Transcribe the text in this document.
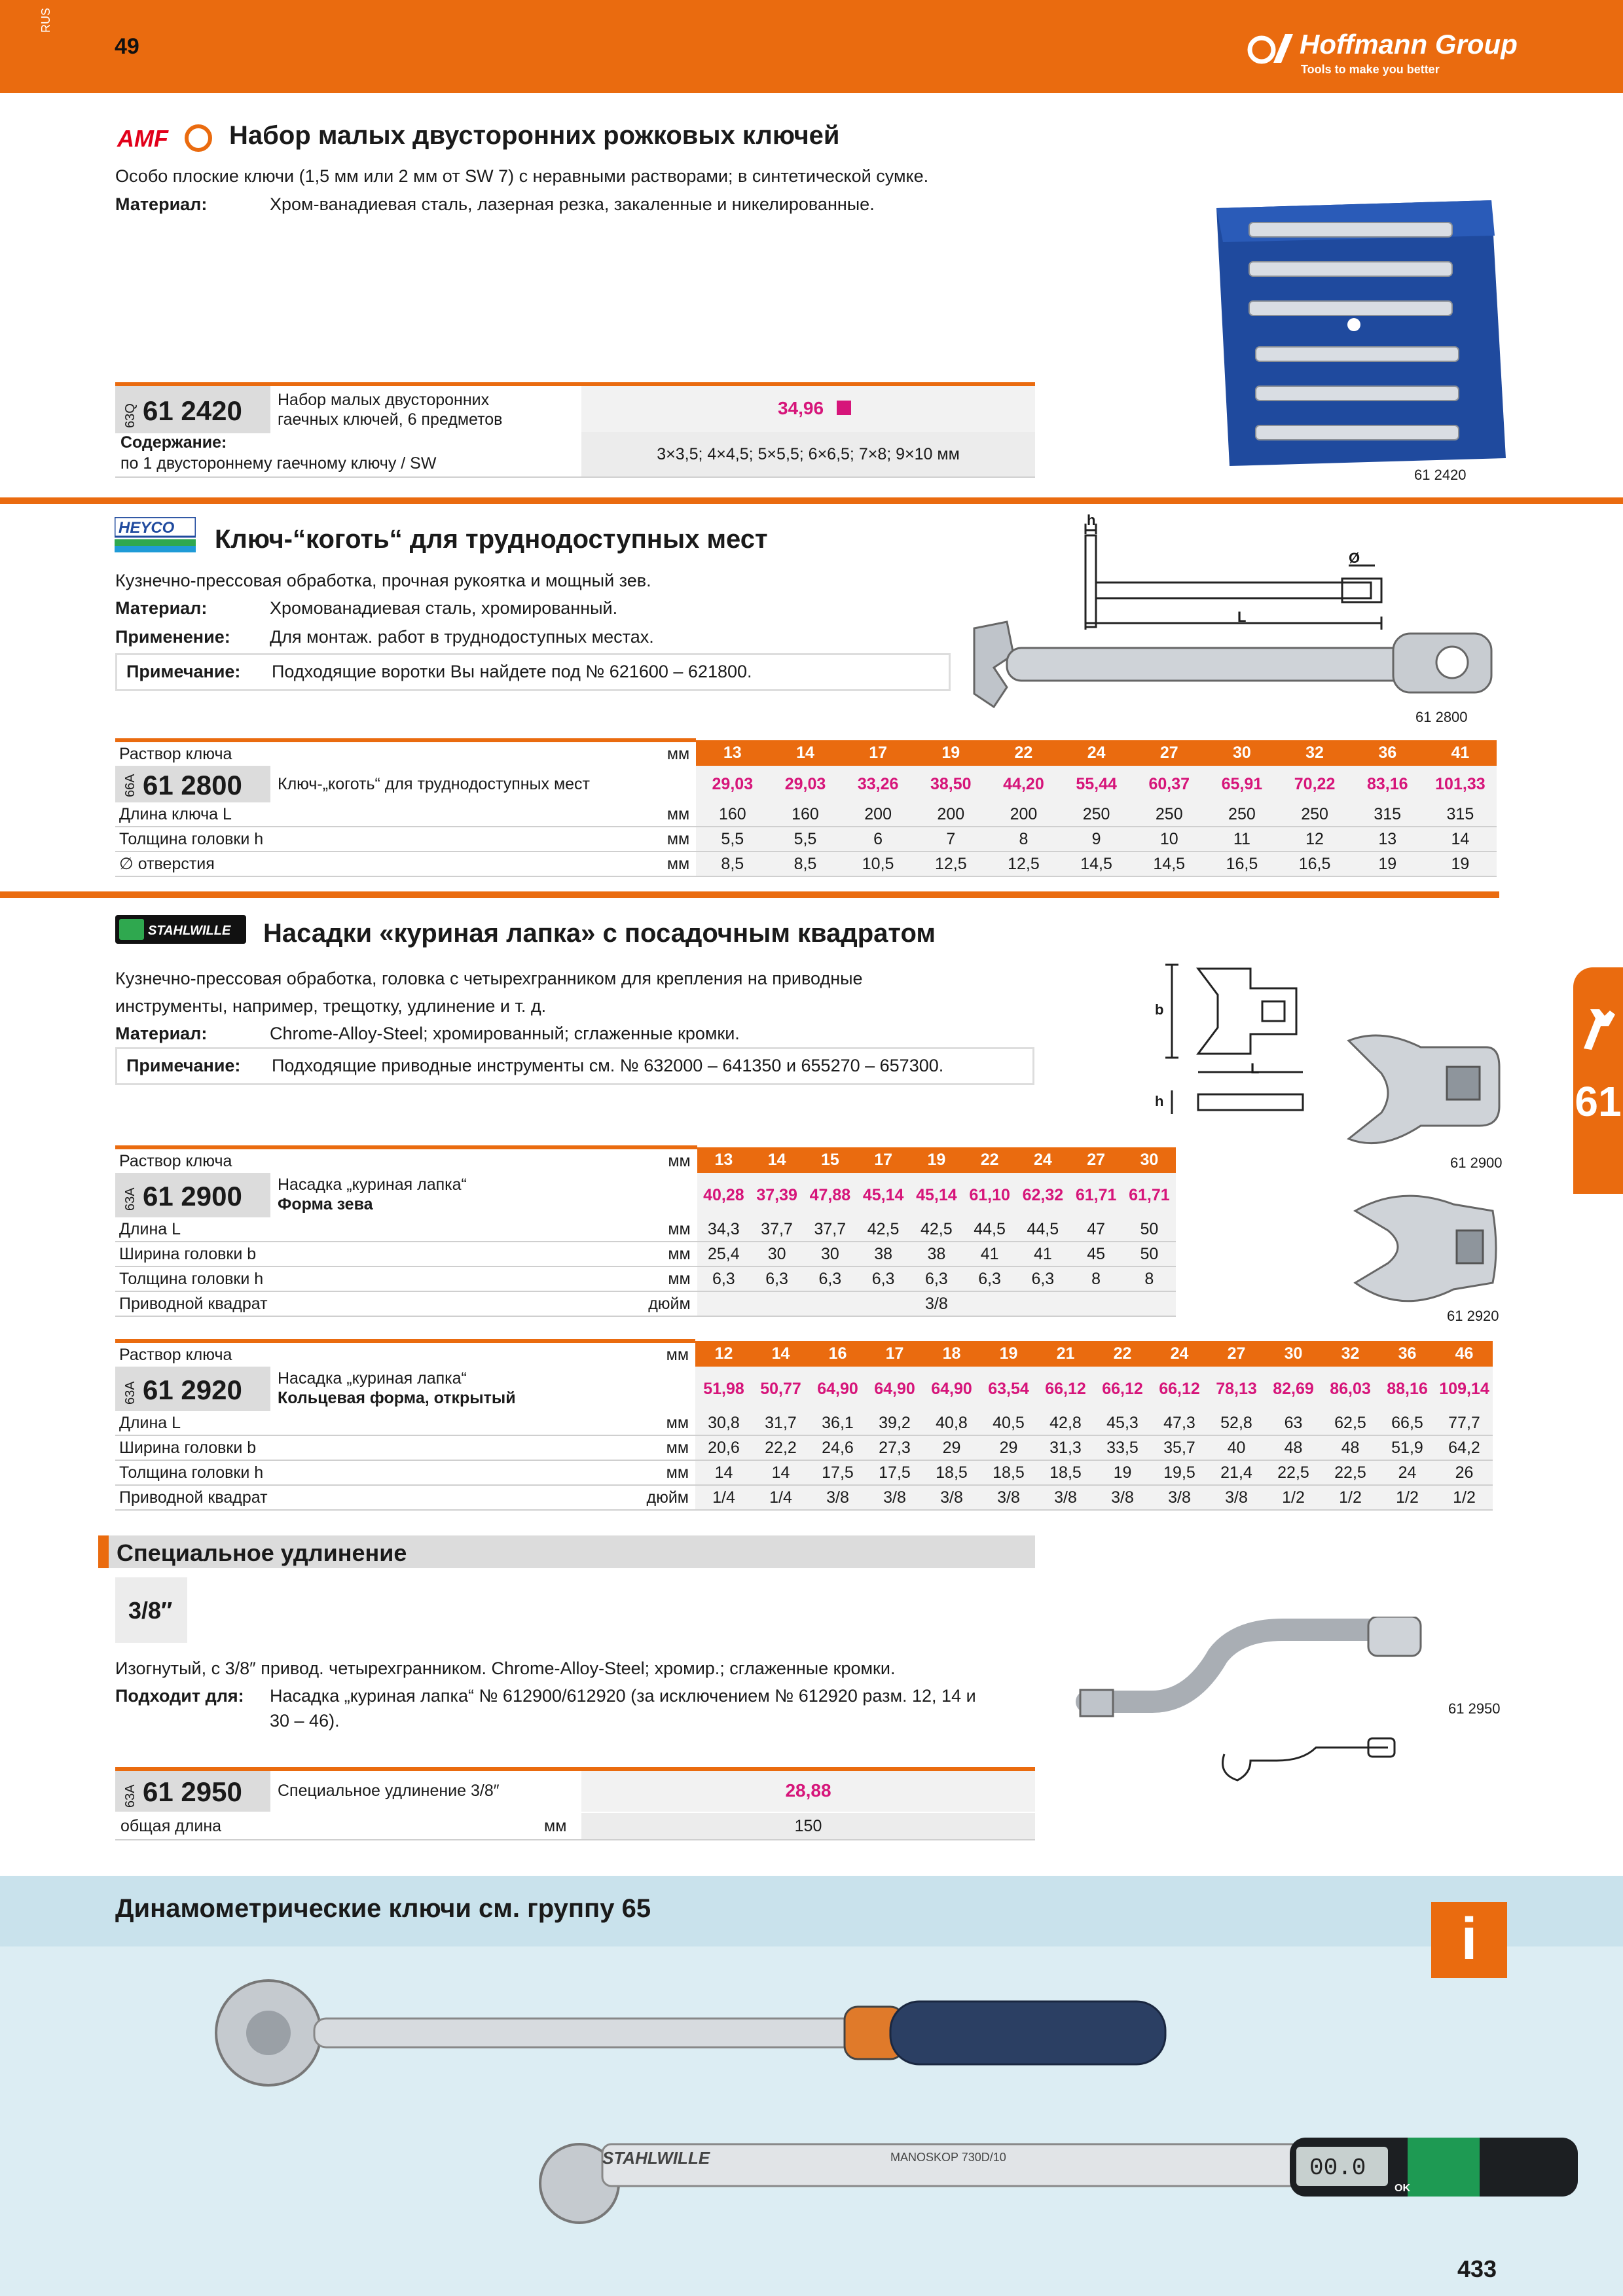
RUS
49	Hoffmann Group
Tools to make you better
61
AMF Набор малых двусторонних рожковых ключей
Особо плоские ключи (1,5 мм или 2 мм от SW 7) с неравными растворами; в синтетической сумке.
Материал:	Хром-ванадиевая сталь, лазерная резка, закаленные и никелированные.
61 2420
63Q 61 2420 Набор малых двусторонних гаечных ключей, 6 предметов
34,96
Содержание:
по 1 двустороннему гаечному ключу / SW	3×3,5; 4×4,5; 5×5,5; 6×6,5; 7×8; 9×10 мм
HEYCO Ключ-“коготь“ для труднодоступных мест
Кузнечно-прессовая обработка, прочная рукоятка и мощный зев.
Материал:	Хромованадиевая сталь, хромированный.
Применение: Для монтаж. работ в труднодоступных местах.
Примечание: Подходящие воротки Вы найдете под № 621600 – 621800.
h
Ø
L
61 2800
Раствор ключа	мм	13	14	17	19	22	24	27	30	32	36	41

66A 61 2800 Ключ-„коготь“ для труднодоступных мест		29,03	29,03	33,26	38,50	44,20	55,44	60,37	65,91	70,22	83,16	101,33
Длина ключа L	мм	160	160	200	200	200	250	250	250	250	315	315
Толщина головки h	мм	5,5	5,5	6	7	8	9	10	11	12	13	14
∅ отверстия	мм	8,5	8,5	10,5	12,5	12,5	14,5	14,5	16,5	16,5	19	19
STAHLWILLE Насадки «куриная лапка» с посадочным квадратом
Кузнечно-прессовая обработка, головка с четырехгранником для крепления на приводные
инструменты, например, трещотку, удлинение и т. д.
Материал:	Chrome-Alloy-Steel; хромированный; сглаженные кромки.
Примечание: Подходящие приводные инструменты см. № 632000 – 641350 и 655270 – 657300.
b
L
h
61 2900
61 2920
Раствор ключа	мм	13	14	15	17	19	22	24	27	30

63A 61 2900 Насадка „куриная лапка“
Форма зева		40,28	37,39	47,88	45,14	45,14	61,10	62,32	61,71	61,71
Длина L	мм	34,3	37,7	37,7	42,5	42,5	44,5	44,5	47	50
Ширина головки b	мм	25,4	30	30	38	38	41	41	45	50
Толщина головки h	мм	6,3	6,3	6,3	6,3	6,3	6,3	6,3	8	8
Приводной квадрат	дюйм	3/8								
Раствор ключа	мм	12	14	16	17	18	19	21	22	24	27	30	32	36	46

63A 61 2920 Насадка „куриная лапка“
Кольцевая форма, открытый		51,98	50,77	64,90	64,90	64,90	63,54	66,12	66,12	66,12	78,13	82,69	86,03	88,16	109,14
Длина L	мм	30,8	31,7	36,1	39,2	40,8	40,5	42,8	45,3	47,3	52,8	63	62,5	66,5	77,7
Ширина головки b	мм	20,6	22,2	24,6	27,3	29	29	31,3	33,5	35,7	40	48	48	51,9	64,2
Толщина головки h	мм	14	14	17,5	17,5	18,5	18,5	18,5	19	19,5	21,4	22,5	22,5	24	26
Приводной квадрат	дюйм	1/4	1/4	3/8	3/8	3/8	3/8	3/8	3/8	3/8	3/8	1/2	1/2	1/2	1/2
Специальное удлинение
3/8″
Изогнутый, с 3/8″ привод. четырехгранником. Chrome-Alloy-Steel; хромир.; сглаженные кромки.
Подходит для: Насадка „куриная лапка“ № 612900/612920 (за исключением № 612920 разм. 12, 14 и
30 – 46).
61 2950
63A 61 2950 Специальное удлинение 3/8″	28,88
общая длина	мм	150
Динамометрические ключи см. группу 65	i
STAHLWILLE	MANOSKOP 730D/10	00.0
OK
433
